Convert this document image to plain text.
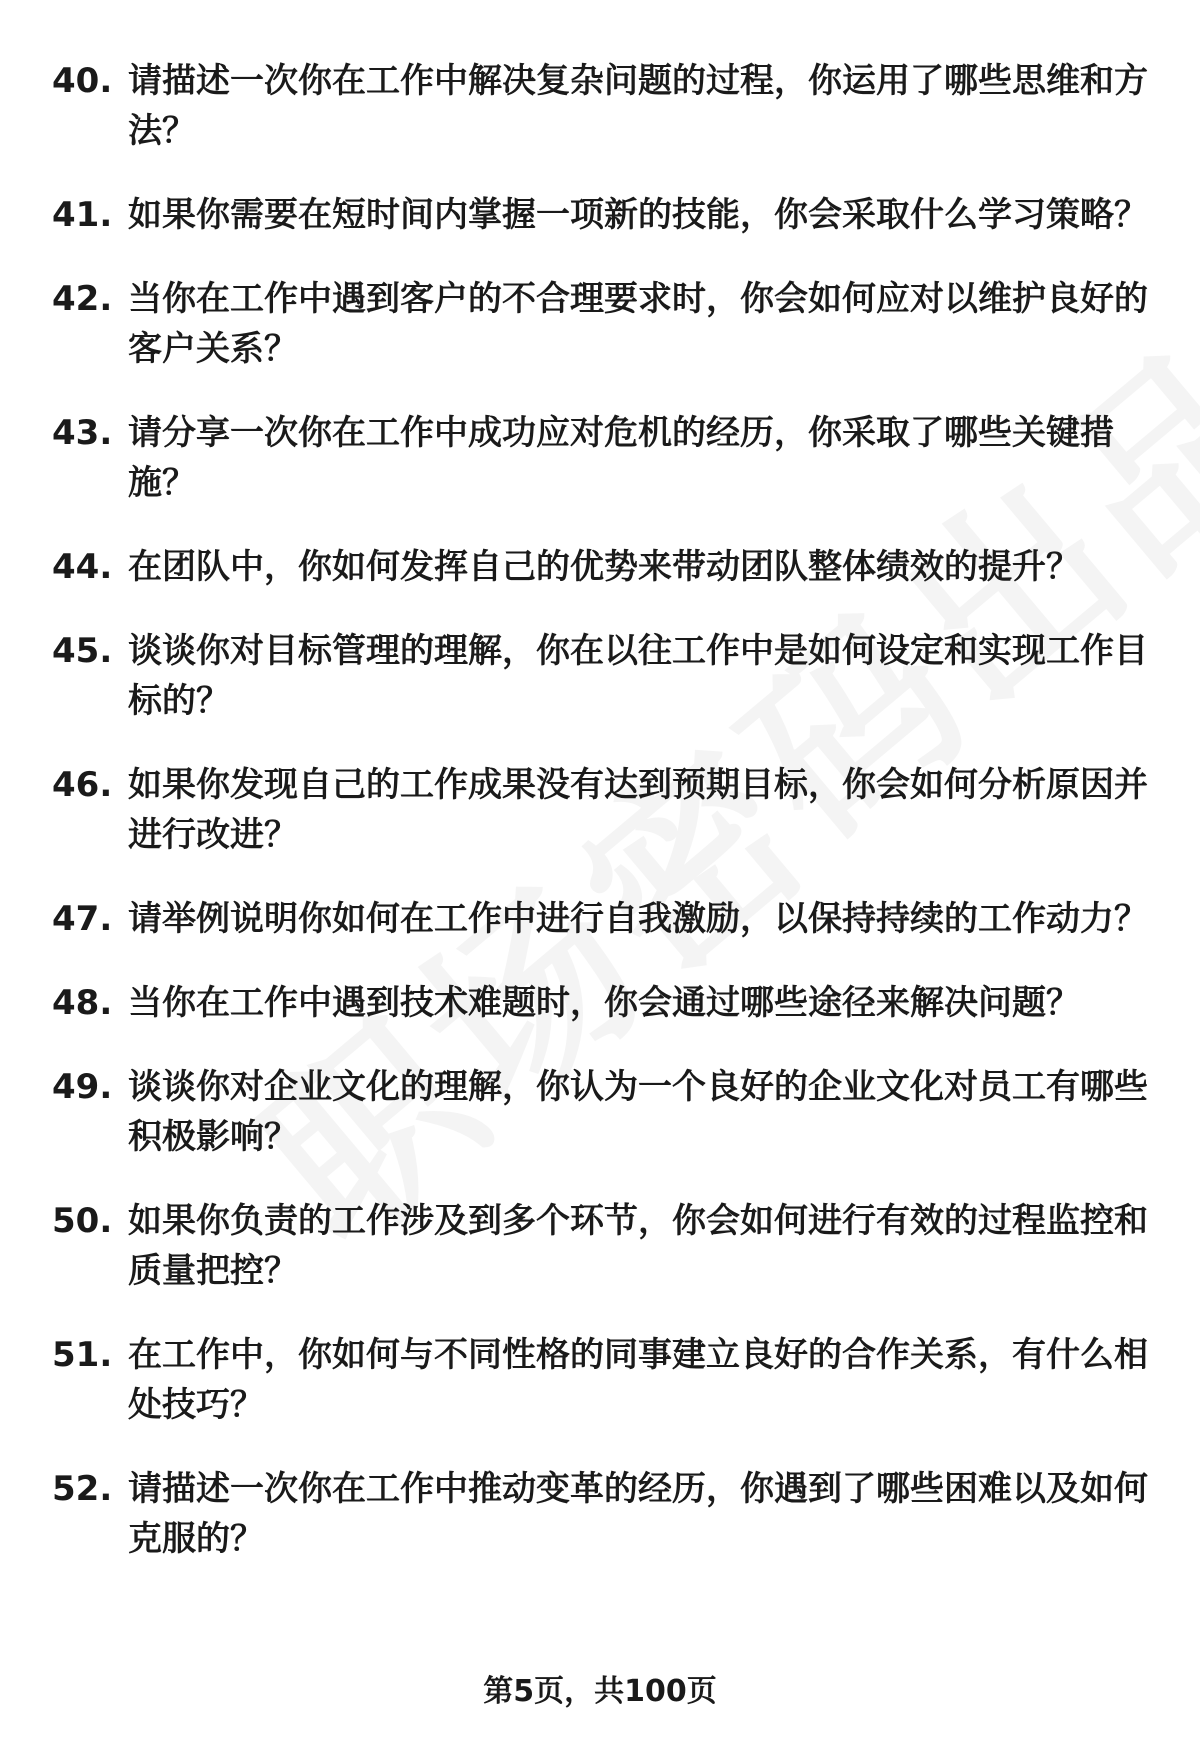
40. 请描述一次你在工作中解决复杂问题的过程，你运用了哪些思维和方法？
41. 如果你需要在短时间内掌握一项新的技能，你会采取什么学习策略？
42. 当你在工作中遇到客户的不合理要求时，你会如何应对以维护良好的客户关系？
43. 请分享一次你在工作中成功应对危机的经历，你采取了哪些关键措施？
44. 在团队中，你如何发挥自己的优势来带动团队整体绩效的提升？
45. 谈谈你对目标管理的理解，你在以往工作中是如何设定和实现工作目标的？
46. 如果你发现自己的工作成果没有达到预期目标，你会如何分析原因并进行改进？
47. 请举例说明你如何在工作中进行自我激励，以保持持续的工作动力？
48. 当你在工作中遇到技术难题时，你会通过哪些途径来解决问题？
49. 谈谈你对企业文化的理解，你认为一个良好的企业文化对员工有哪些积极影响？
50. 如果你负责的工作涉及到多个环节，你会如何进行有效的过程监控和质量把控？
51. 在工作中，你如何与不同性格的同事建立良好的合作关系，有什么相处技巧？
52. 请描述一次你在工作中推动变革的经历，你遇到了哪些困难以及如何克服的？
第5页，共100页
